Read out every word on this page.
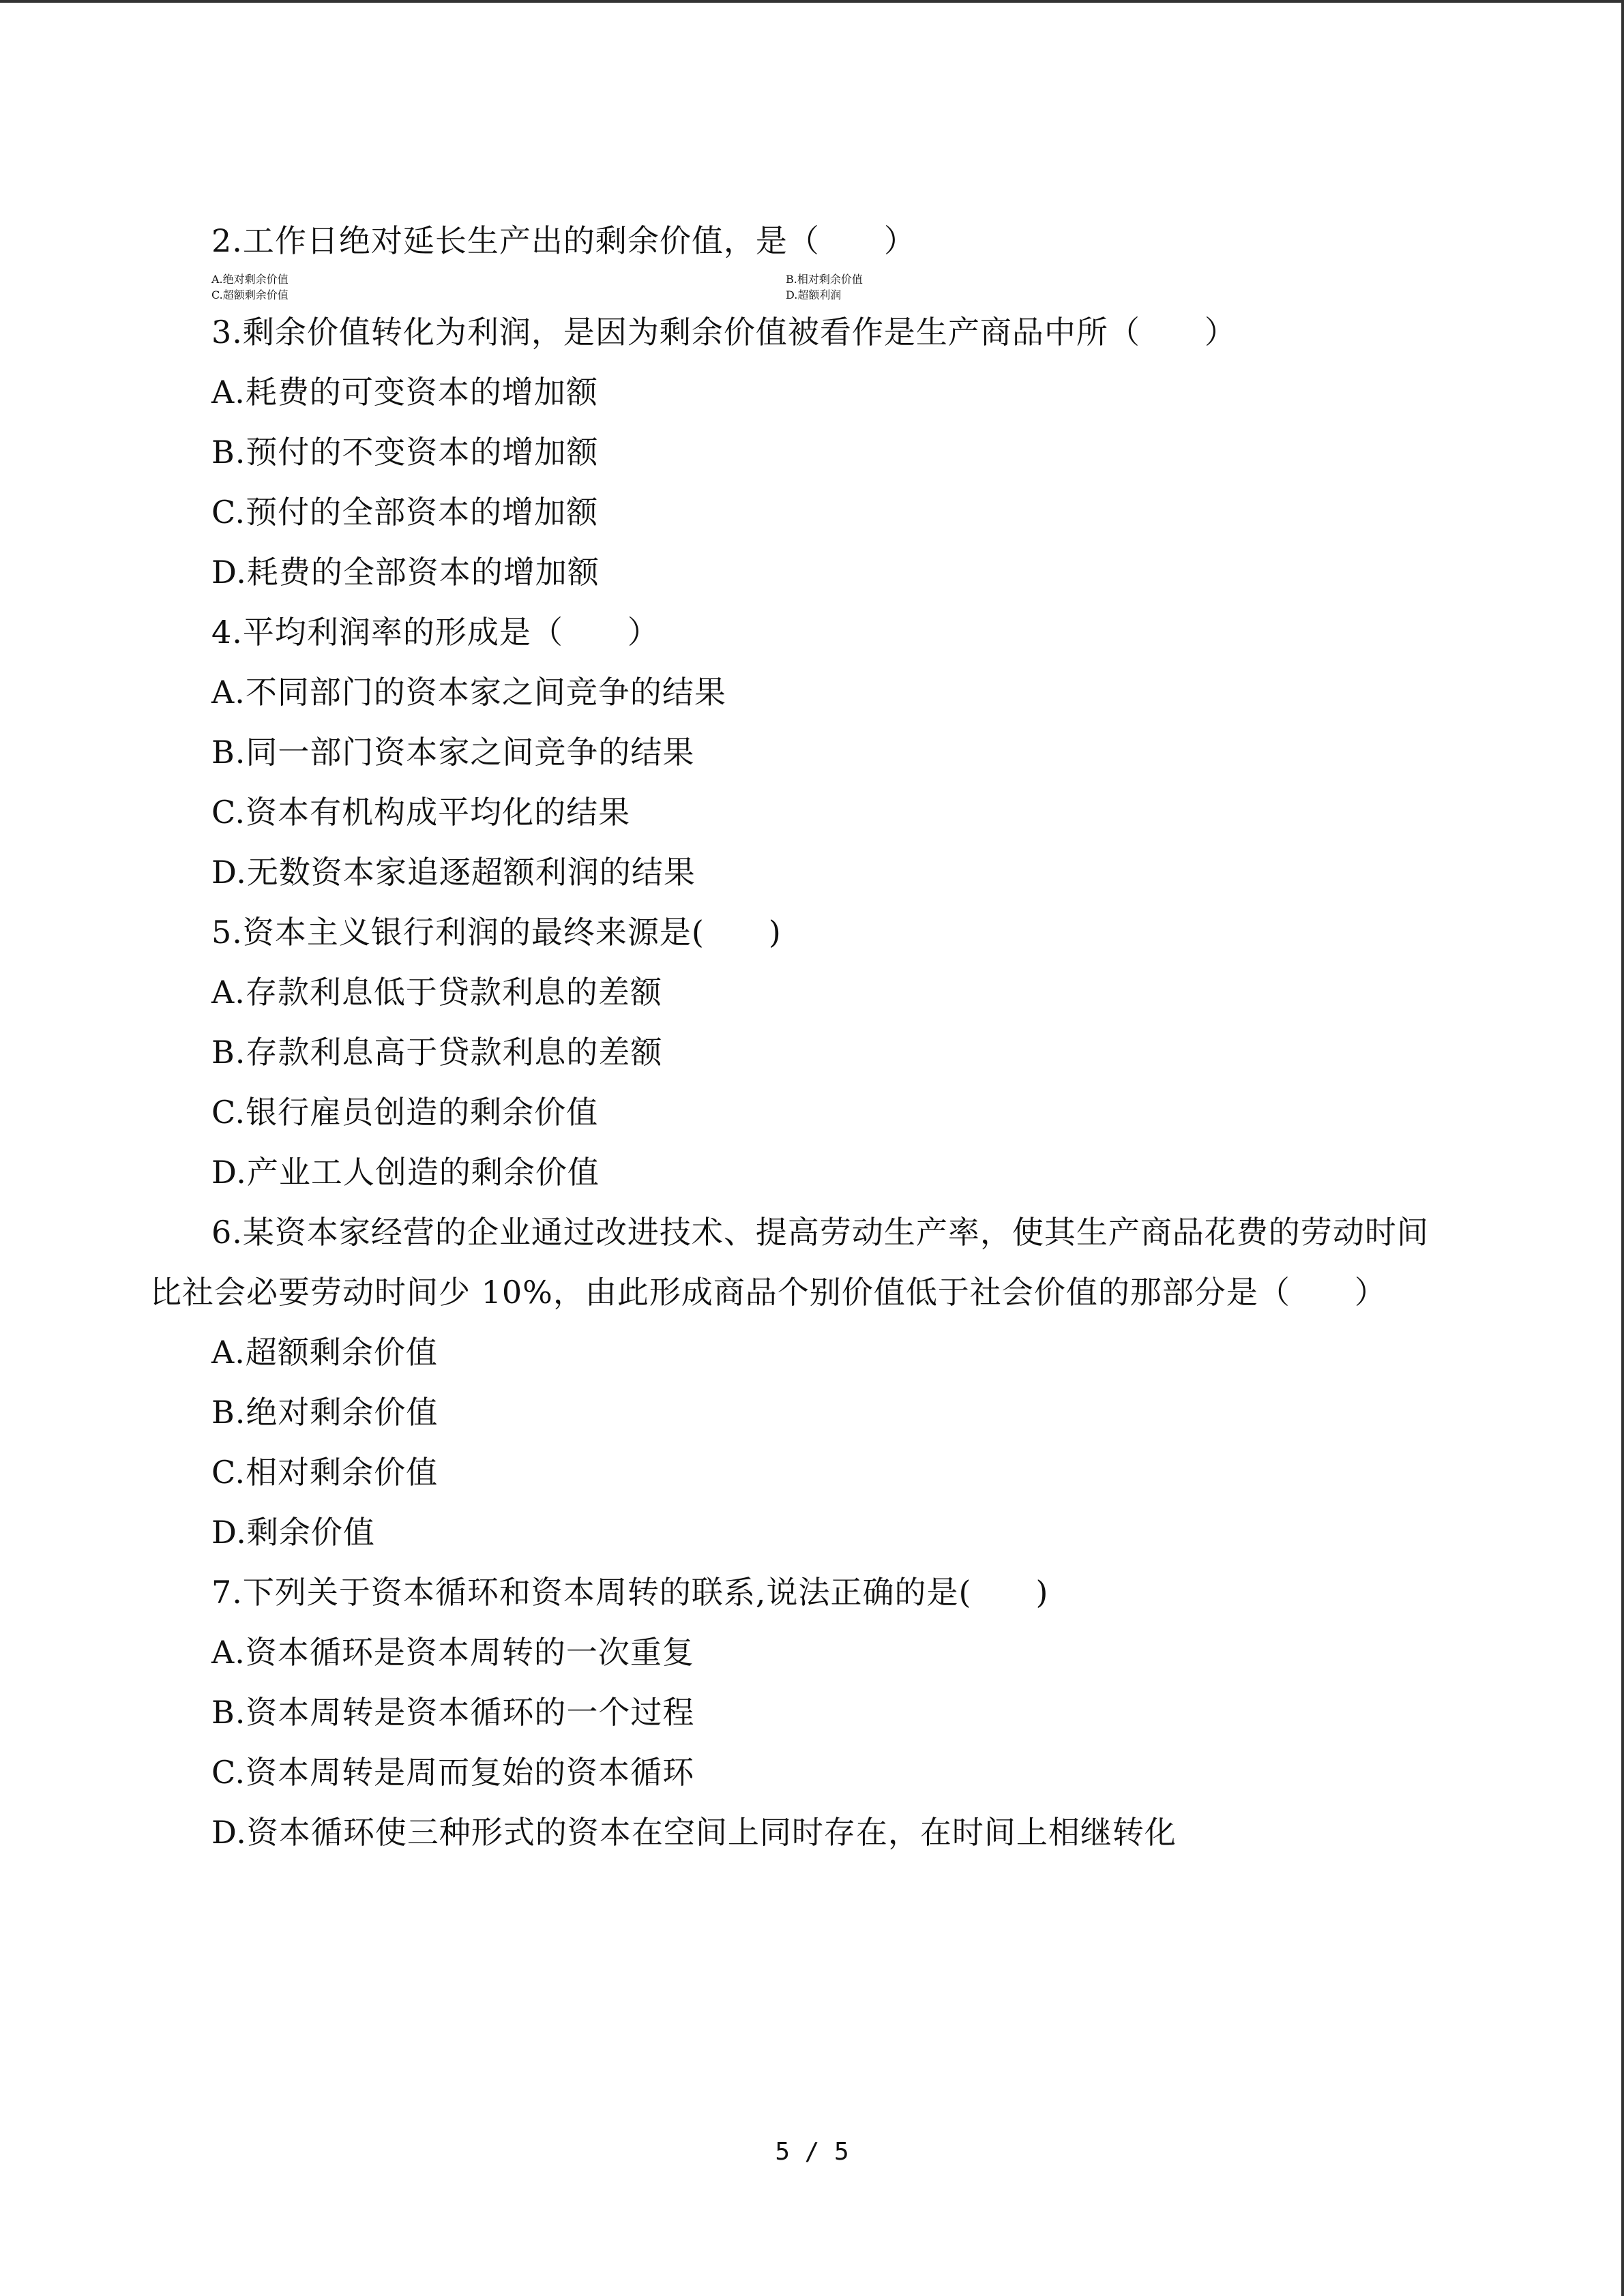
2.工作日绝对延长生产出的剩余价值，是（　　）
A.绝对剩余价值	B.相对剩余价值
C.超额剩余价值	D.超额利润
3.剩余价值转化为利润，是因为剩余价值被看作是生产商品中所（　　）
A.耗费的可变资本的增加额
B.预付的不变资本的增加额
C.预付的全部资本的增加额
D.耗费的全部资本的增加额
4.平均利润率的形成是（　　）
A.不同部门的资本家之间竞争的结果
B.同一部门资本家之间竞争的结果
C.资本有机构成平均化的结果
D.无数资本家追逐超额利润的结果
5.资本主义银行利润的最终来源是(　　)
A.存款利息低于贷款利息的差额
B.存款利息高于贷款利息的差额
C.银行雇员创造的剩余价值
D.产业工人创造的剩余价值
6.某资本家经营的企业通过改进技术、提高劳动生产率，使其生产商品花费的劳动时间
比社会必要劳动时间少 10%，由此形成商品个别价值低于社会价值的那部分是（　　）
A.超额剩余价值
B.绝对剩余价值
C.相对剩余价值
D.剩余价值
7.下列关于资本循环和资本周转的联系,说法正确的是(　　)
A.资本循环是资本周转的一次重复
B.资本周转是资本循环的一个过程
C.资本周转是周而复始的资本循环
D.资本循环使三种形式的资本在空间上同时存在，在时间上相继转化
5 / 5
